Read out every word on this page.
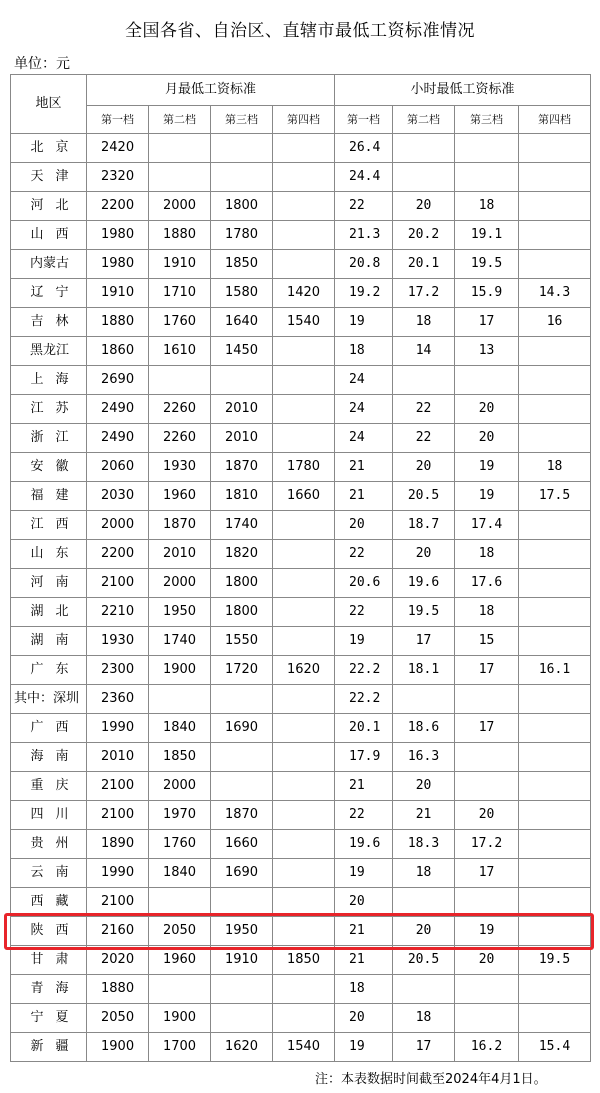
全国各省、自治区、直辖市最低工资标准情况
单位：元
地区	月最低工资标准				小时最低工资标准			
	第一档	第二档	第三档	第四档	第一档	第二档	第三档	第四档
北京	2420				26.4			
天津	2320				24.4			
河北	2200	2000	1800		22	20	18	
山西	1980	1880	1780		21.3	20.2	19.1	
内蒙古	1980	1910	1850		20.8	20.1	19.5	
辽宁	1910	1710	1580	1420	19.2	17.2	15.9	14.3
吉林	1880	1760	1640	1540	19	18	17	16
黑龙江	1860	1610	1450		18	14	13	
上海	2690				24			
江苏	2490	2260	2010		24	22	20	
浙江	2490	2260	2010		24	22	20	
安徽	2060	1930	1870	1780	21	20	19	18
福建	2030	1960	1810	1660	21	20.5	19	17.5
江西	2000	1870	1740		20	18.7	17.4	
山东	2200	2010	1820		22	20	18	
河南	2100	2000	1800		20.6	19.6	17.6	
湖北	2210	1950	1800		22	19.5	18	
湖南	1930	1740	1550		19	17	15	
广东	2300	1900	1720	1620	22.2	18.1	17	16.1
其中：深圳	2360				22.2			
广西	1990	1840	1690		20.1	18.6	17	
海南	2010	1850			17.9	16.3		
重庆	2100	2000			21	20		
四川	2100	1970	1870		22	21	20	
贵州	1890	1760	1660		19.6	18.3	17.2	
云南	1990	1840	1690		19	18	17	
西藏	2100				20			
陕西	2160	2050	1950		21	20	19	
甘肃	2020	1960	1910	1850	21	20.5	20	19.5
青海	1880				18			
宁夏	2050	1900			20	18		
新疆	1900	1700	1620	1540	19	17	16.2	15.4
注：本表数据时间截至2024年4月1日。
